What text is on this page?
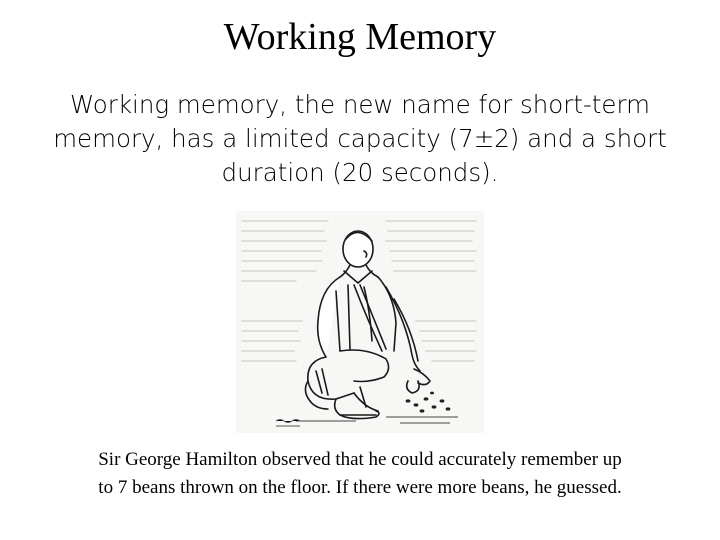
Working Memory
Working memory, the new name for short-term
memory, has a limited capacity (7±2) and a short
duration (20 seconds).
Sir George Hamilton observed that he could accurately remember up
to 7 beans thrown on the floor. If there were more beans, he guessed.
